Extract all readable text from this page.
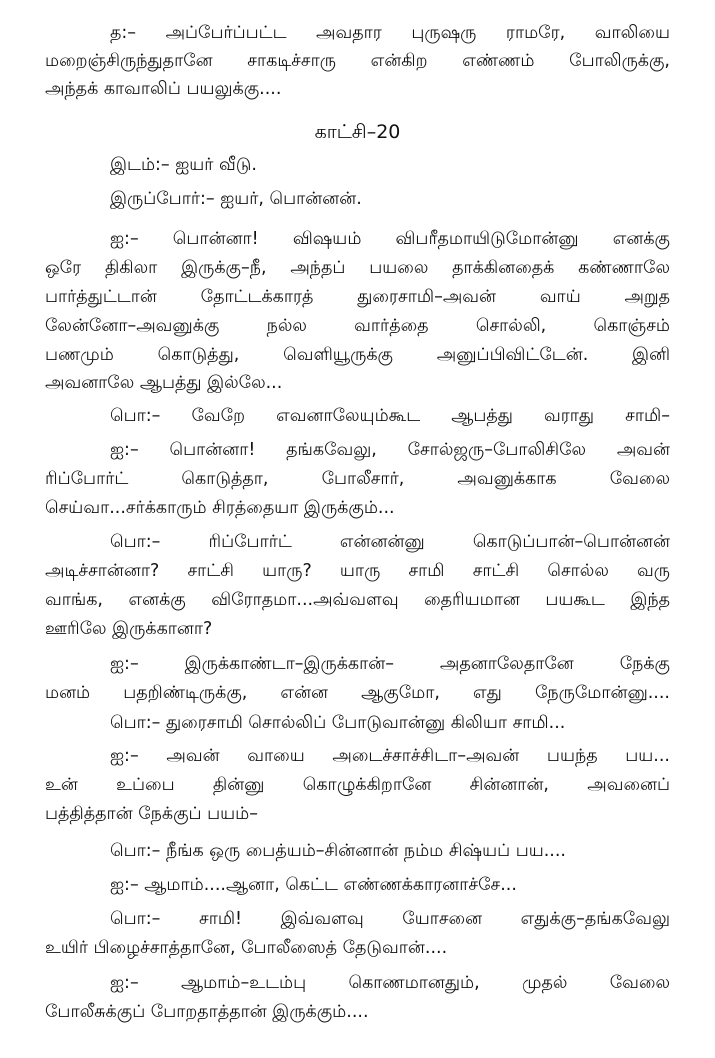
த:– அப்பேர்ப்பட்ட அவதார புருஷரு ராமரே, வாலியை
மறைஞ்சிருந்துதானே சாகடிச்சாரு என்கிற எண்ணம் போலிருக்கு,
அந்தக் காவாலிப் பயலுக்கு....
காட்சி–20
இடம்:– ஐயர் வீடு.
இருப்போர்:– ஐயர், பொன்னன்.
ஐ:– பொன்னா! விஷயம் விபரீதமாயிடுமோன்னு எனக்கு
ஒரே திகிலா இருக்கு–நீ, அந்தப் பயலை தாக்கினதைக் கண்ணாலே
பார்த்துட்டான் தோட்டக்காரத் துரைசாமி–அவன் வாய் அறுத
லேன்னோ–அவனுக்கு நல்ல வார்த்தை சொல்லி, கொஞ்சம்
பணமும் கொடுத்து, வெளியூருக்கு அனுப்பிவிட்டேன். இனி
அவனாலே ஆபத்து இல்லே...
பொ:– வேறே எவனாலேயும்கூட ஆபத்து வராது சாமி–
ஐ:– பொன்னா! தங்கவேலு, சோல்ஜரு–போலிசிலே அவன்
ரிப்போர்ட் கொடுத்தா, போலீசார், அவனுக்காக வேலை
செய்வா...சர்க்காரும் சிரத்தையா இருக்கும்...
பொ:– ரிப்போர்ட் என்னன்னு கொடுப்பான்–பொன்னன்
அடிச்சான்னா? சாட்சி யாரு? யாரு சாமி சாட்சி சொல்ல வரு
வாங்க, எனக்கு விரோதமா...அவ்வளவு தைரியமான பயகூட இந்த
ஊரிலே இருக்கானா?
ஐ:– இருக்காண்டா–இருக்கான்– அதனாலேதானே நேக்கு
மனம் பதறிண்டிருக்கு, என்ன ஆகுமோ, எது நேருமோன்னு....
பொ:– துரைசாமி சொல்லிப் போடுவான்னு கிலியா சாமி...
ஐ:– அவன் வாயை அடைச்சாச்சிடா–அவன் பயந்த பய...
உன் உப்பை தின்னு கொழுக்கிறானே சின்னான், அவனைப்
பத்தித்தான் நேக்குப் பயம்–
பொ:– நீங்க ஒரு பைத்யம்–சின்னான் நம்ம சிஷ்யப் பய....
ஐ:– ஆமாம்....ஆனா, கெட்ட எண்ணக்காரனாச்சே...
பொ:– சாமி! இவ்வளவு யோசனை எதுக்கு–தங்கவேலு
உயிர் பிழைச்சாத்தானே, போலீஸைத் தேடுவான்....
ஐ:– ஆமாம்–உடம்பு கொணமானதும், முதல் வேலை
போலீசுக்குப் போறதாத்தான் இருக்கும்....
